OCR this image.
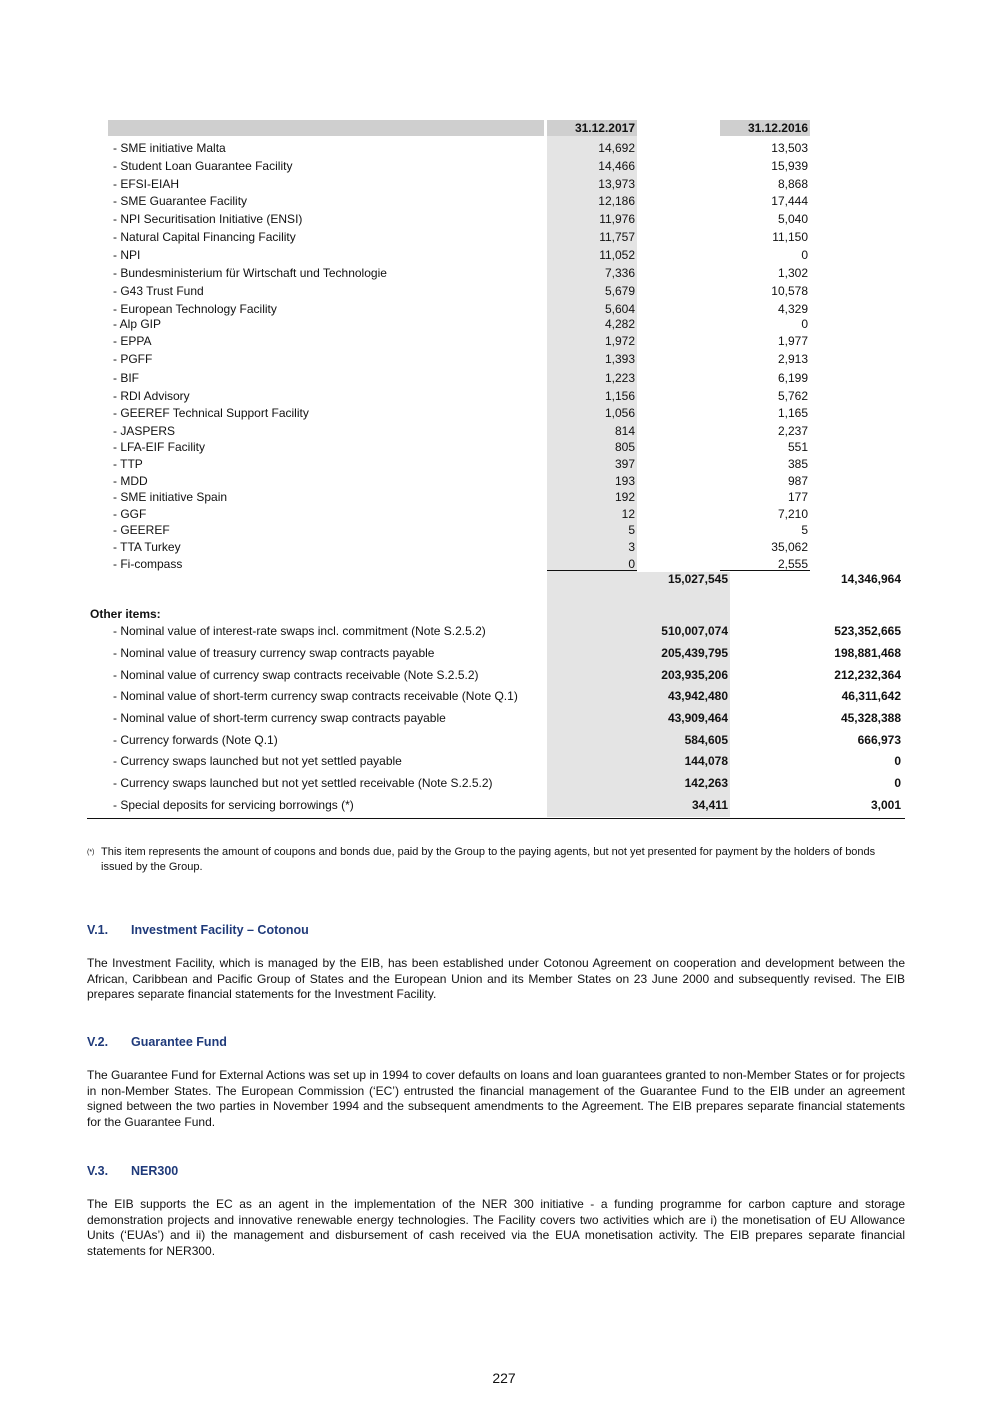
31.12.2017	31.12.2016
15,027,545	14,346,964
Other items:
(*) This item represents the amount of coupons and bonds due, paid by the Group to the paying agents, but not yet presented for payment by the holders of bonds issued by the Group.
V.1. Investment Facility – Cotonou
The Investment Facility, which is managed by the EIB, has been established under Cotonou Agreement on cooperation and development between the African, Caribbean and Pacific Group of States and the European Union and its Member States on 23 June 2000 and subsequently revised. The EIB prepares separate financial statements for the Investment Facility.
V.2. Guarantee Fund
The Guarantee Fund for External Actions was set up in 1994 to cover defaults on loans and loan guarantees granted to non-Member States or for projects in non-Member States. The European Commission (‘EC’) entrusted the financial management of the Guarantee Fund to the EIB under an agreement signed between the two parties in November 1994 and the subsequent amendments to the Agreement. The EIB prepares separate financial statements for the Guarantee Fund.
V.3. NER300
The EIB supports the EC as an agent in the implementation of the NER 300 initiative - a funding programme for carbon capture and storage demonstration projects and innovative renewable energy technologies. The Facility covers two activities which are i) the monetisation of EU Allowance Units (‘EUAs’) and ii) the management and disbursement of cash received via the EUA monetisation activity. The EIB prepares separate financial statements for NER300.
227
- SME initiative Malta	14,692	13,503
- Student Loan Guarantee Facility	14,466	15,939
- EFSI-EIAH	13,973	8,868
- SME Guarantee Facility	12,186	17,444
- NPI Securitisation Initiative (ENSI)	11,976	5,040
- Natural Capital Financing Facility	11,757	11,150
- NPI	11,052	0
- Bundesministerium für Wirtschaft und Technologie	7,336	1,302
- G43 Trust Fund	5,679	10,578
- European Technology Facility	5,604	4,329
- Alp GIP	4,282	0
- EPPA	1,972	1,977
- PGFF	1,393	2,913
- BIF	1,223	6,199
- RDI Advisory	1,156	5,762
- GEEREF Technical Support Facility	1,056	1,165
- JASPERS	814	2,237
- LFA-EIF Facility	805	551
- TTP	397	385
- MDD	193	987
- SME initiative Spain	192	177
- GGF	12	7,210
- GEEREF	5	5
- TTA Turkey	3	35,062
- Fi-compass	0	2,555
- Nominal value of interest-rate swaps incl. commitment (Note S.2.5.2)	510,007,074	523,352,665
- Nominal value of treasury currency swap contracts payable	205,439,795	198,881,468
- Nominal value of currency swap contracts receivable (Note S.2.5.2)	203,935,206	212,232,364
- Nominal value of short-term currency swap contracts receivable (Note Q.1)	43,942,480	46,311,642
- Nominal value of short-term currency swap contracts payable	43,909,464	45,328,388
- Currency forwards (Note Q.1)	584,605	666,973
- Currency swaps launched but not yet settled payable	144,078	0
- Currency swaps launched but not yet settled receivable (Note S.2.5.2)	142,263	0
- Special deposits for servicing borrowings (*)	34,411	3,001
